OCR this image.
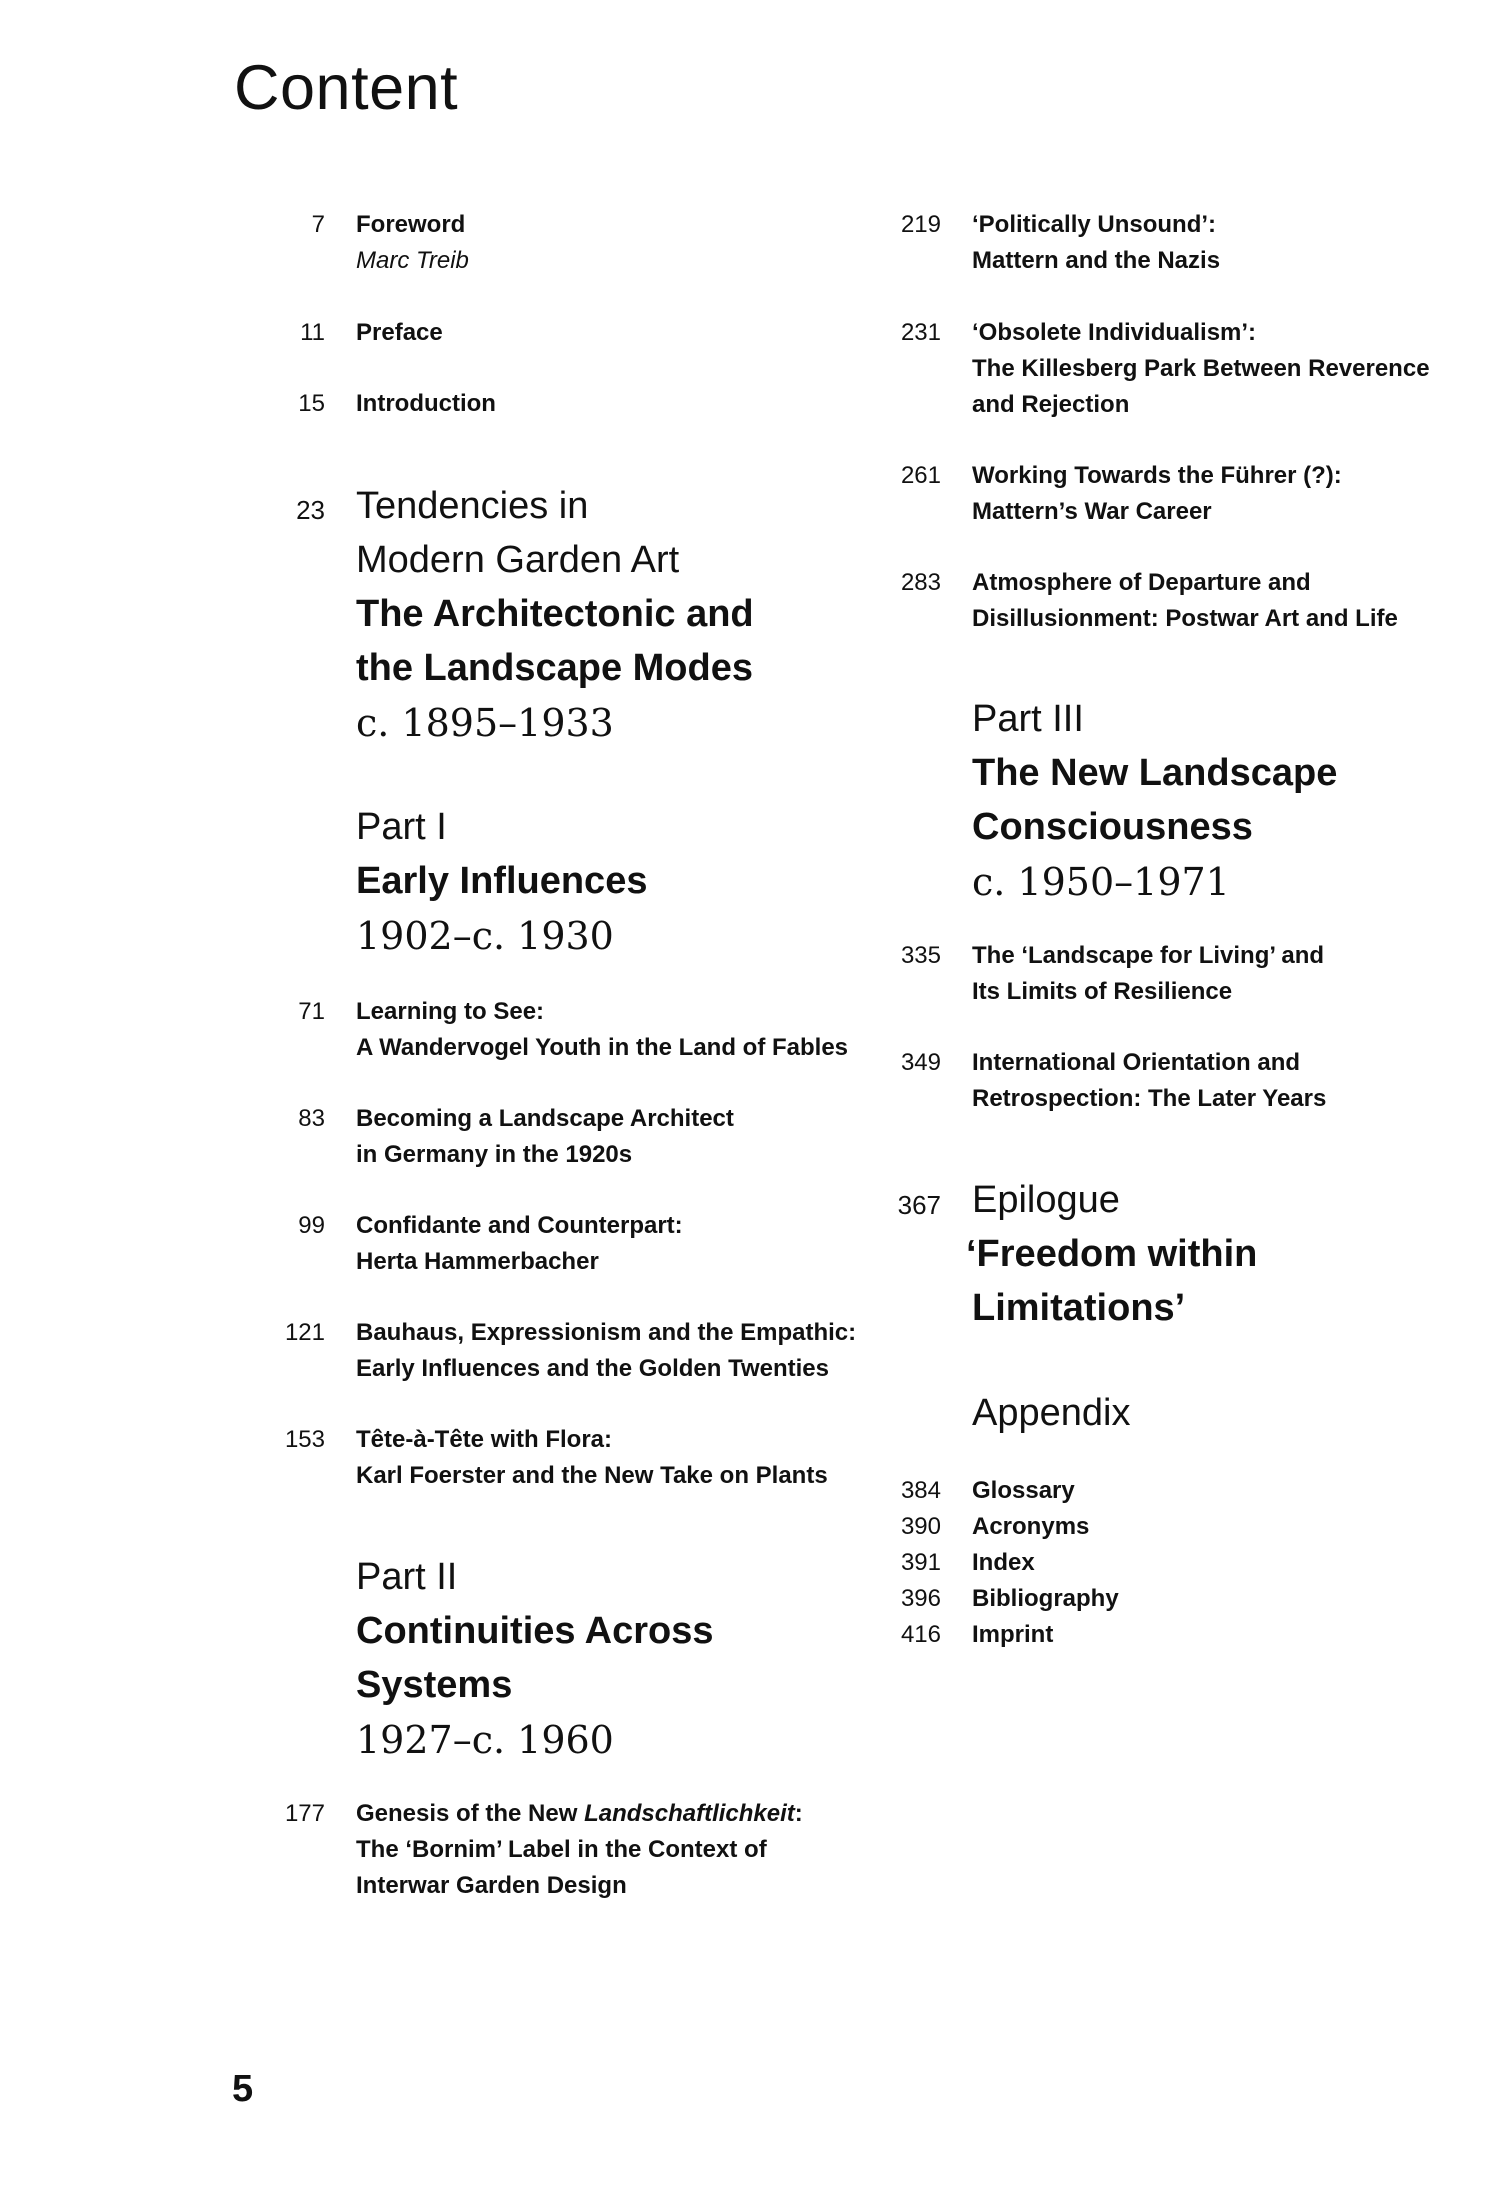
Content
7 Foreword
Marc Treib
11 Preface
15 Introduction
23 Tendencies in
Modern Garden Art
The Architectonic and
the Landscape Modes
c. 1895–1933
Part I
Early Influences
1902–c. 1930
71 Learning to See:
A Wandervogel Youth in the Land of Fables
83 Becoming a Landscape Architect
in Germany in the 1920s
99 Confidante and Counterpart:
Herta Hammerbacher
121 Bauhaus, Expressionism and the Empathic:
Early Influences and the Golden Twenties
153 Tête-à-Tête with Flora:
Karl Foerster and the New Take on Plants
Part II
Continuities Across
Systems
1927–c. 1960
177 Genesis of the New Landschaftlichkeit:
The ‘Bornim’ Label in the Context of
Interwar Garden Design
219 ‘Politically Unsound’:
Mattern and the Nazis
231 ‘Obsolete Individualism’:
The Killesberg Park Between Reverence
and Rejection
261 Working Towards the Führer (?):
Mattern’s War Career
283 Atmosphere of Departure and
Disillusionment: Postwar Art and Life
Part III
The New Landscape
Consciousness
c. 1950–1971
335 The ‘Landscape for Living’ and
Its Limits of Resilience
349 International Orientation and
Retrospection: The Later Years
367 Epilogue
‘Freedom within
Limitations’
Appendix
384 Glossary
390 Acronyms
391 Index
396 Bibliography
416 Imprint
5
